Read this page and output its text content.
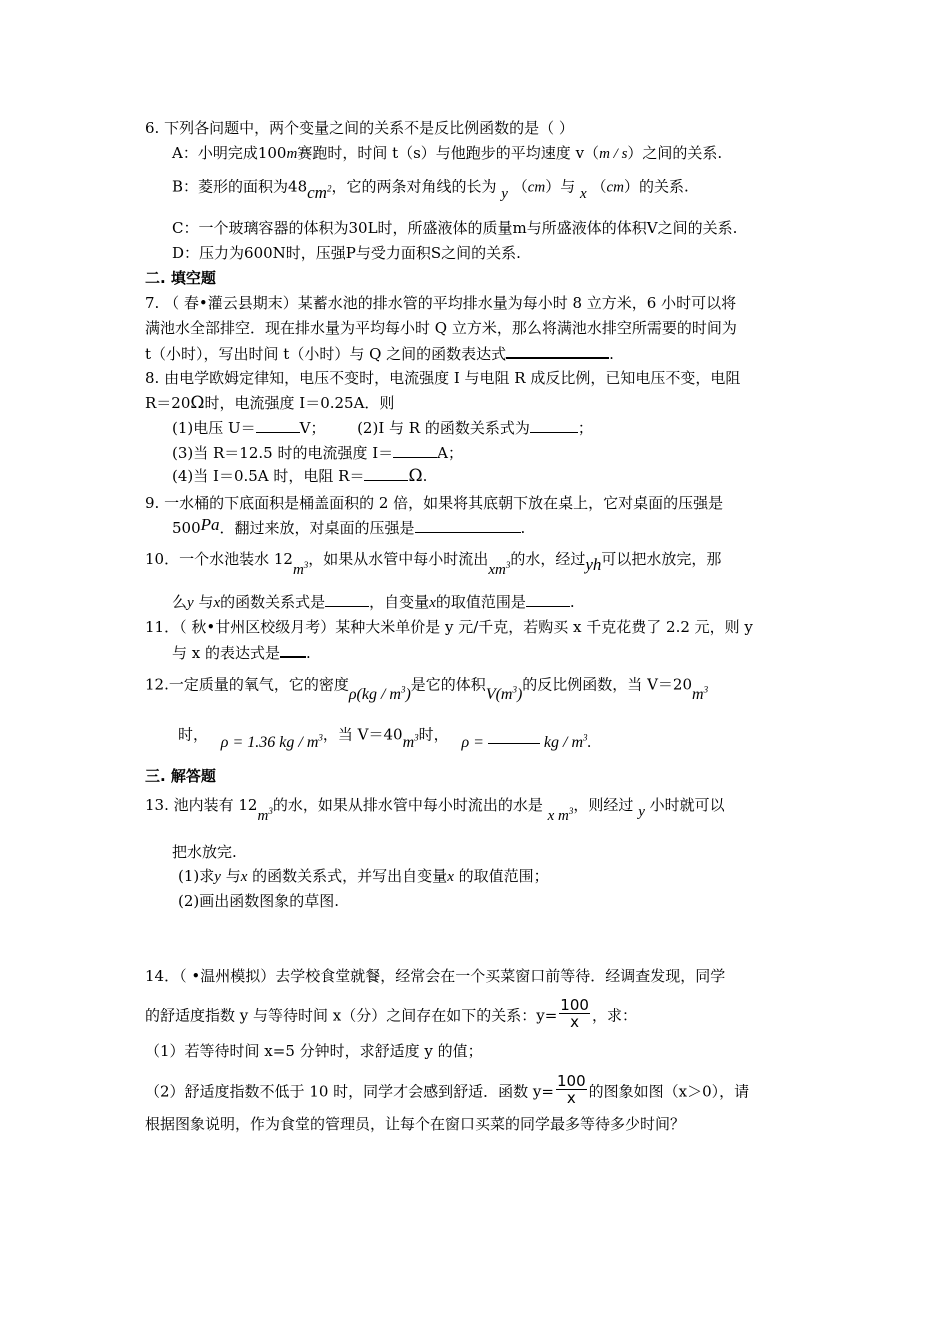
6. 下列各问题中，两个变量之间的关系不是反比例函数的是（ ）
A：小明完成100m赛跑时，时间 t（s）与他跑步的平均速度 v（m / s）之间的关系.
B：菱形的面积为$48cm^2$，它的两条对角线的长为 y （cm）与 x （cm）的关系.
C：一个玻璃容器的体积为30L时，所盛液体的质量m与所盛液体的体积V之间的关系.
D：压力为600N时，压强P与受力面积S之间的关系.
二. 填空题
7. （ 春•灌云县期末）某蓄水池的排水管的平均排水量为每小时 8 立方米，6 小时可以将
满池水全部排空．现在排水量为平均每小时 Q 立方米，那么将满池水排空所需要的时间为
t（小时），写出时间 t（小时）与 Q 之间的函数表达式	.
8. 由电学欧姆定律知，电压不变时，电流强度 I 与电阻 R 成反比例，已知电压不变，电阻
R＝20Ω时，电流强度 I＝0.25A．则
(1)电压 U＝	V； (2)I 与 R 的函数关系式为	；
(3)当 R＝12.5 时的电流强度 I＝	A；
(4)当 I＝0.5A 时，电阻 R＝	Ω.
9. 一水桶的下底面积是桶盖面积的 2 倍，如果将其底朝下放在桌上，它对桌面的压强是
500Pa．翻过来放，对桌面的压强是	.
10．一个水池装水 $12m^3$，如果从水管中每小时流出$xm^3$的水，经过yh可以把水放完，那
么y 与x的函数关系式是	，自变量x的取值范围是	.
11．（ 秋•甘州区校级月考）某种大米单价是 y 元/千克，若购买 x 千克花费了 2.2 元，则 y
与 x 的表达式是 .
12.一定质量的氧气，它的密度$\rho(kg / m^3)$是它的体积$V(m^3)$的反比例函数，当 $V=20m^3$
时， ρ = 1.36 kg / $m^3$，当 $V=40m^3$时， ρ =	kg / $m^3$.
三. 解答题
13. 池内装有 $12m^3$的水，如果从排水管中每小时流出的水是 x $m^3$，则经过 y 小时就可以
把水放完.
(1)求y 与x 的函数关系式，并写出自变量x 的取值范围；
(2)画出函数图象的草图.
14．（ •温州模拟）去学校食堂就餐，经常会在一个买菜窗口前等待．经调查发现，同学
的舒适度指数 y 与等待时间 x（分）之间存在如下的关系：$y= \frac{100}{x}$ ，求：
（1）若等待时间 x=5 分钟时，求舒适度 y 的值；
（2）舒适度指数不低于 10 时，同学才会感到舒适．函数 $y= \frac{100}{x}$ 的图象如图（x＞0），请
根据图象说明，作为食堂的管理员，让每个在窗口买菜的同学最多等待多少时间？
